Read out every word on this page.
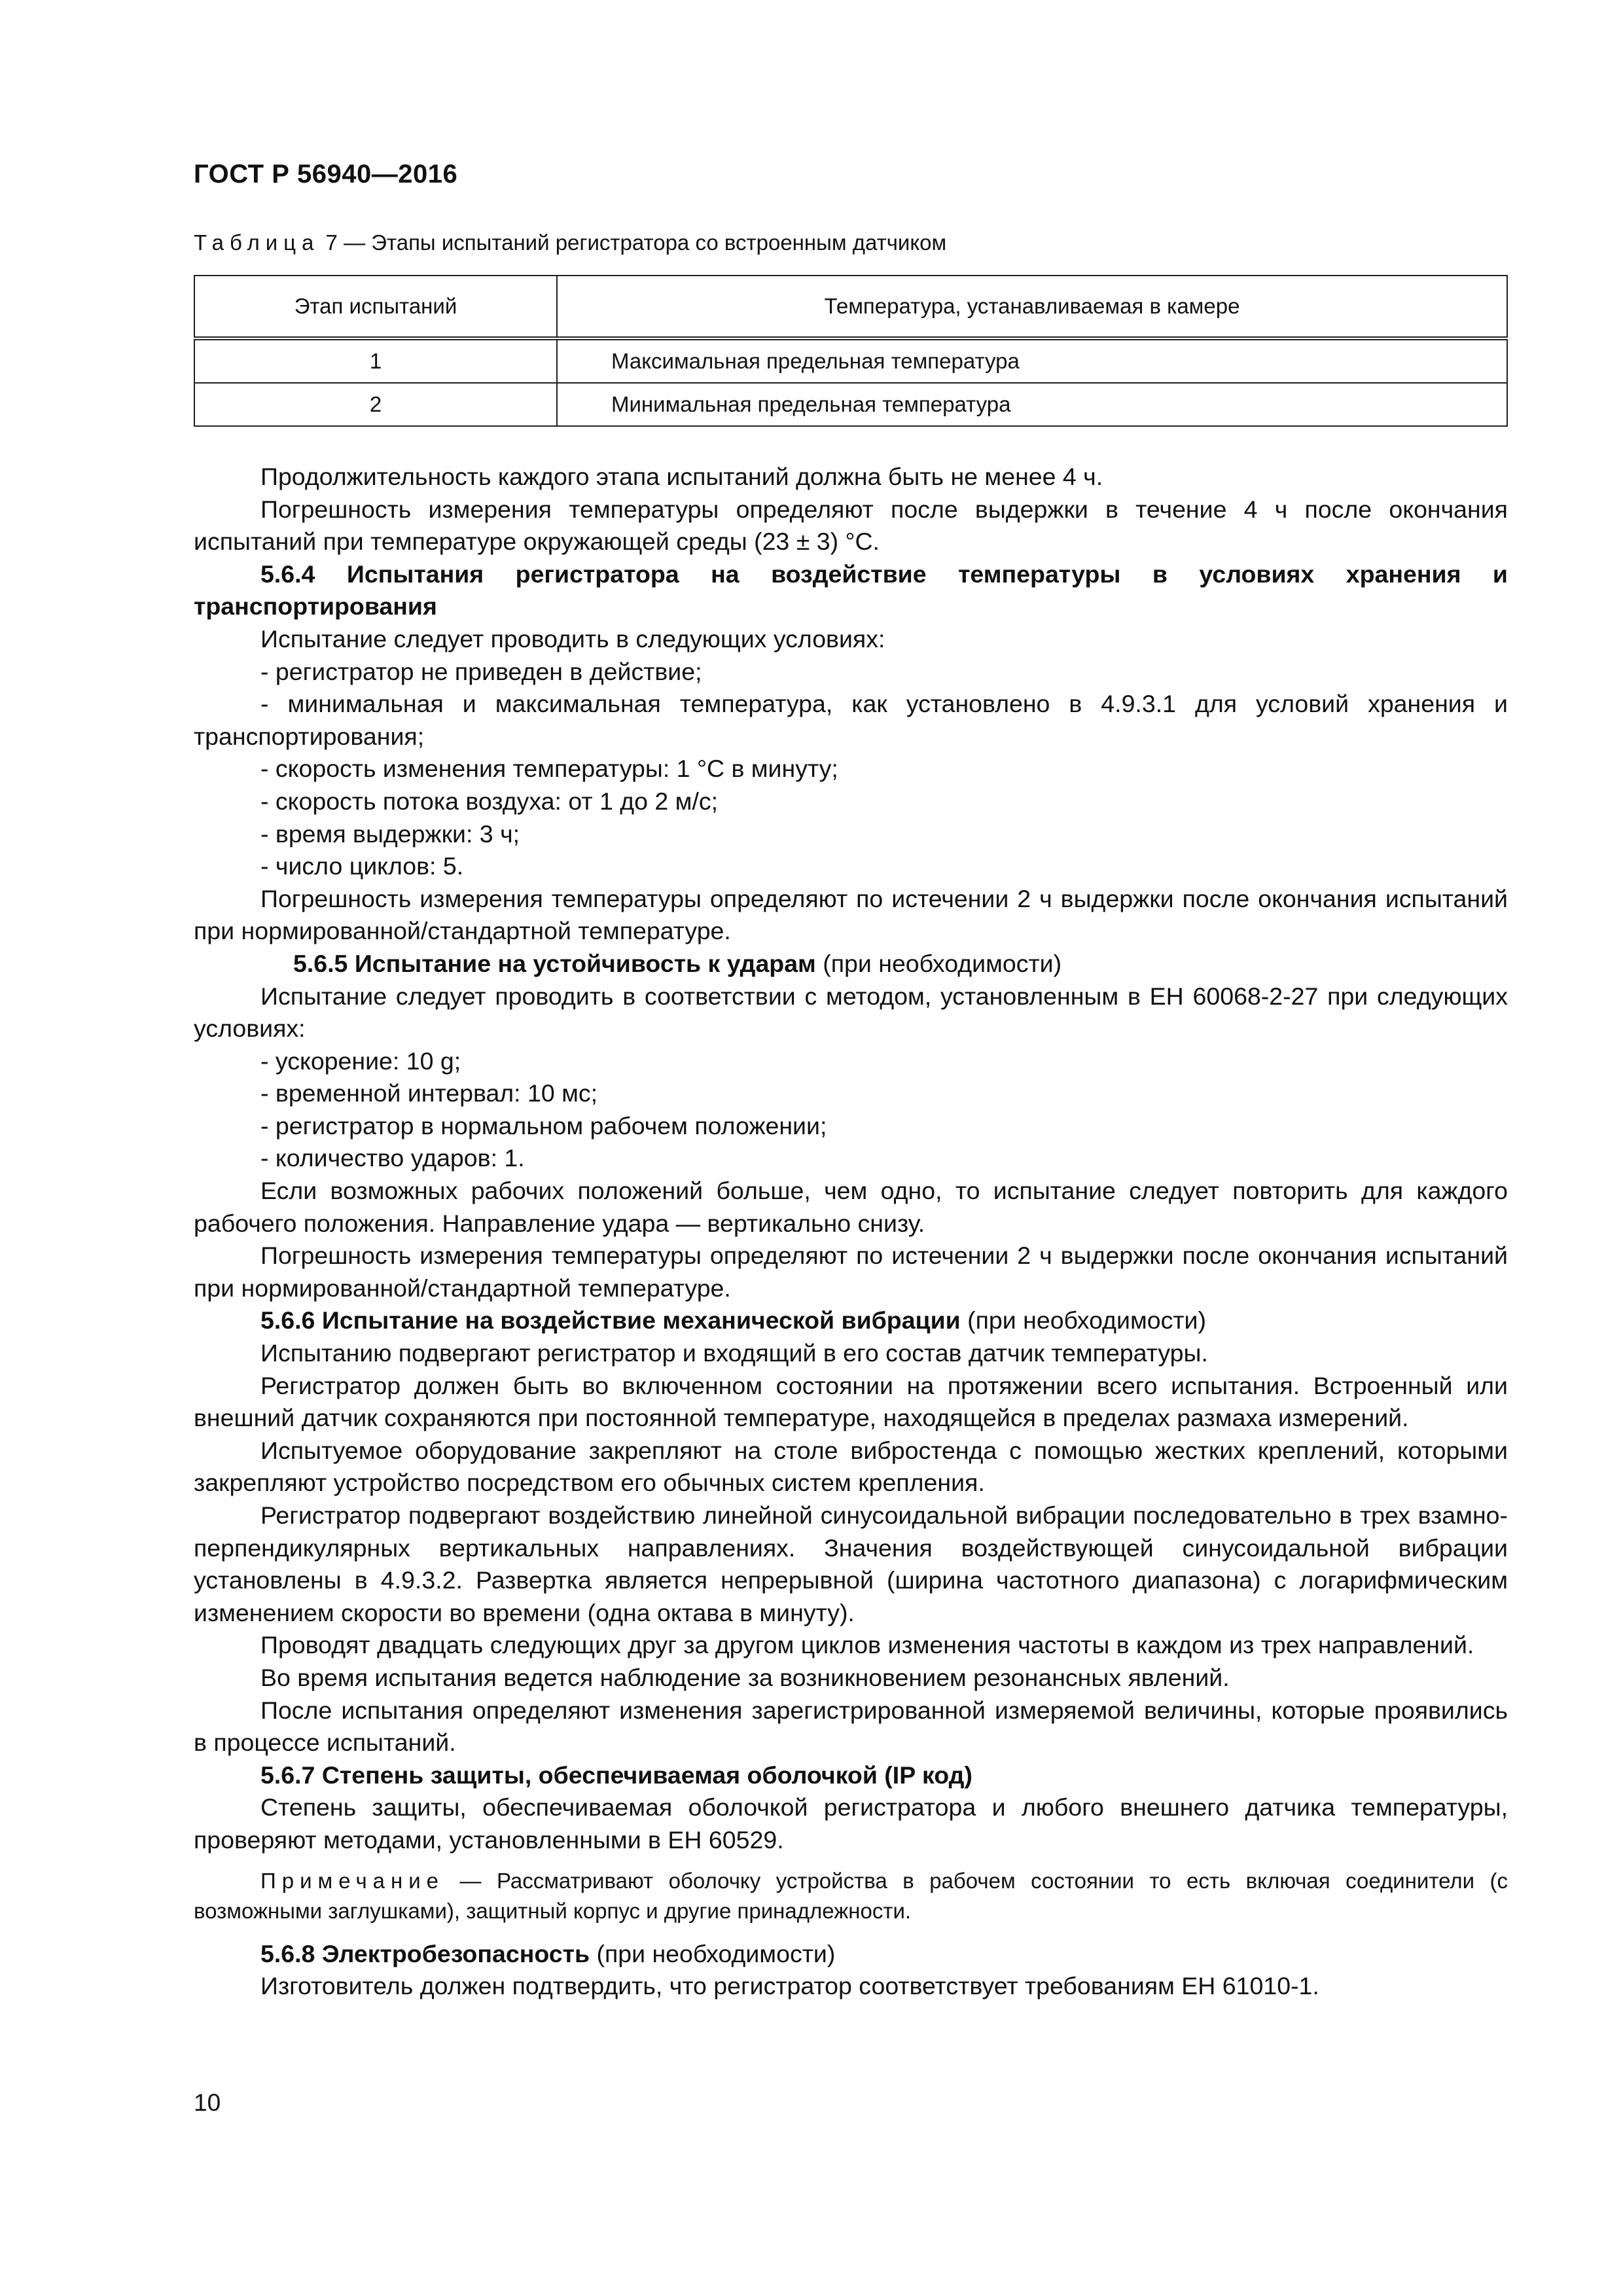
ГОСТ Р 56940—2016
Таблица 7 — Этапы испытаний регистратора со встроенным датчиком
Этап испытаний	Температура, устанавливаемая в камере
1	Максимальная предельная температура
2	Минимальная предельная температура

Продолжительность каждого этапа испытаний должна быть не менее 4 ч.

Погрешность измерения температуры определяют после выдержки в течение 4 ч после окончания испытаний при температуре окружающей среды (23 ± 3) °С.

5.6.4 Испытания регистратора на воздействие температуры в условиях хранения и транспортирования

Испытание следует проводить в следующих условиях:

- регистратор не приведен в действие;

- минимальная и максимальная температура, как установлено в 4.9.3.1 для условий хранения и транспортирования;

- скорость изменения температуры: 1 °С в минуту;

- скорость потока воздуха: от 1 до 2 м/с;

- время выдержки: 3 ч;

- число циклов: 5.

Погрешность измерения температуры определяют по истечении 2 ч выдержки после окончания испытаний при нормированной/стандартной температуре.

5.6.5 Испытание на устойчивость к ударам (при необходимости)

Испытание следует проводить в соответствии с методом, установленным в ЕН 60068-2-27 при следующих условиях:

- ускорение: 10 g;

- временной интервал: 10 мс;

- регистратор в нормальном рабочем положении;

- количество ударов: 1.

Если возможных рабочих положений больше, чем одно, то испытание следует повторить для каждого рабочего положения. Направление удара — вертикально снизу.

Погрешность измерения температуры определяют по истечении 2 ч выдержки после окончания испытаний при нормированной/стандартной температуре.

5.6.6 Испытание на воздействие механической вибрации (при необходимости)

Испытанию подвергают регистратор и входящий в его состав датчик температуры.

Регистратор должен быть во включенном состоянии на протяжении всего испытания. Встроенный или внешний датчик сохраняются при постоянной температуре, находящейся в пределах размаха измерений.

Испытуемое оборудование закрепляют на столе вибростенда с помощью жестких креплений, которыми закрепляют устройство посредством его обычных систем крепления.

Регистратор подвергают воздействию линейной синусоидальной вибрации последовательно в трех взамно-перпендикулярных вертикальных направлениях. Значения воздействующей синусоидальной вибрации установлены в 4.9.3.2. Развертка является непрерывной (ширина частотного диапазона) с логарифмическим изменением скорости во времени (одна октава в минуту).

Проводят двадцать следующих друг за другом циклов изменения частоты в каждом из трех направлений.

Во время испытания ведется наблюдение за возникновением резонансных явлений.

После испытания определяют изменения зарегистрированной измеряемой величины, которые проявились в процессе испытаний.

5.6.7 Степень защиты, обеспечиваемая оболочкой (IP код)

Степень защиты, обеспечиваемая оболочкой регистратора и любого внешнего датчика температуры, проверяют методами, установленными в ЕН 60529.

Примечание — Рассматривают оболочку устройства в рабочем состоянии то есть включая соединители (с возможными заглушками), защитный корпус и другие принадлежности.

5.6.8 Электробезопасность (при необходимости)

Изготовитель должен подтвердить, что регистратор соответствует требованиям ЕН 61010-1.

10
